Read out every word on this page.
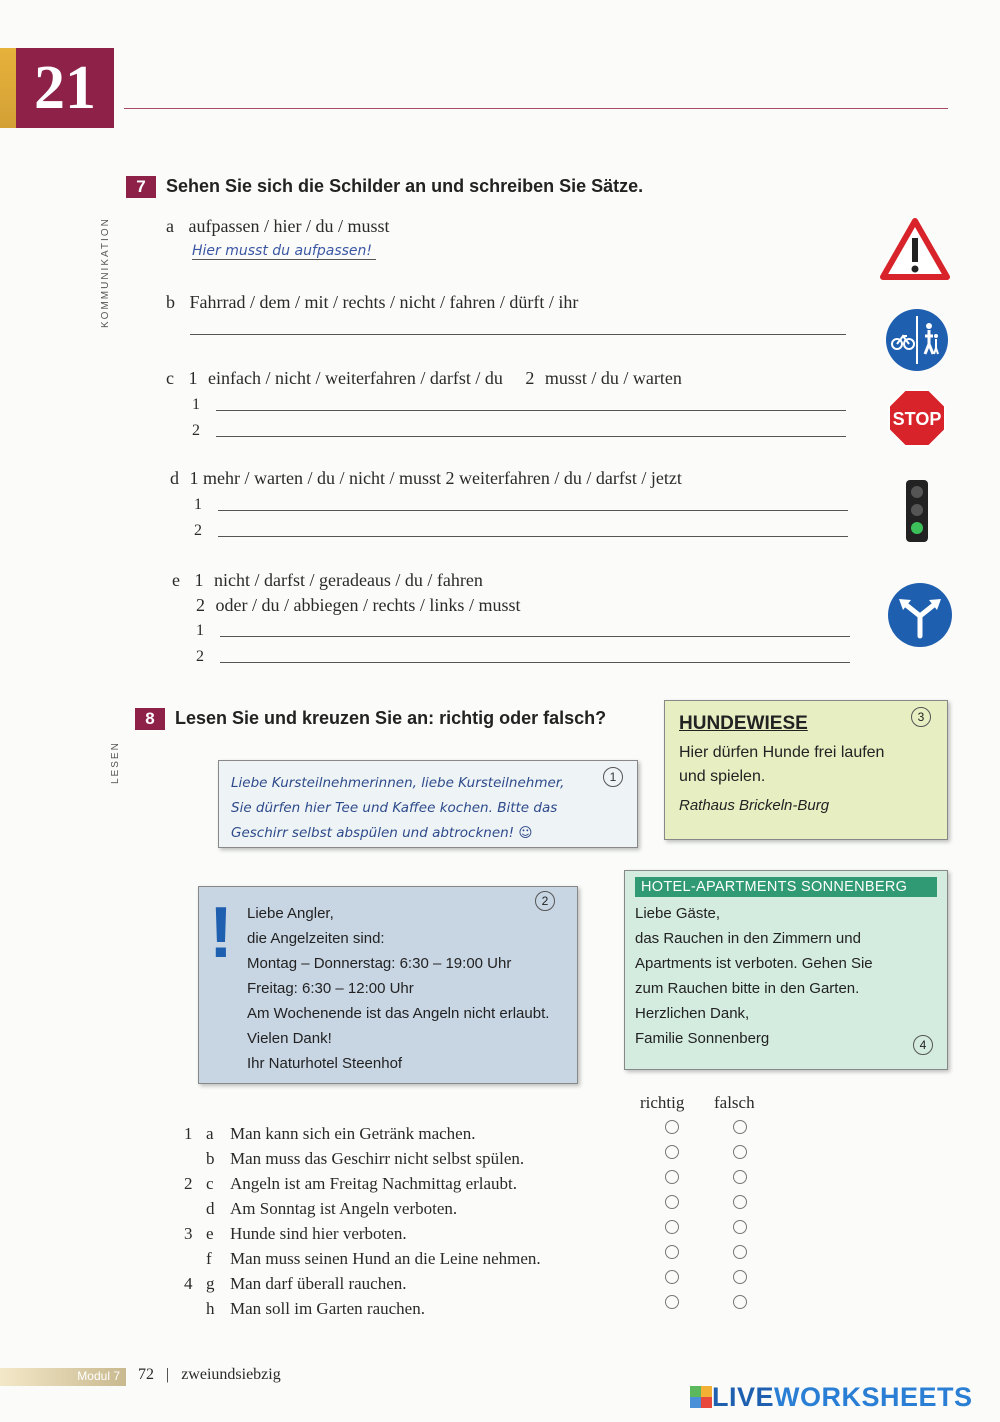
21
KOMMUNIKATION
LESEN
7 Sehen Sie sich die Schilder an und schreiben Sie Sätze.
a aufpassen / hier / du / musst
Hier musst du aufpassen!
b Fahrrad / dem / mit / rechts / nicht / fahren / dürft / ihr
c 1 einfach / nicht / weiterfahren / darfst / du 2 musst / du / warten
1
2
d 1 mehr / warten / du / nicht / musst 2 weiterfahren / du / darfst / jetzt
1
2
e 1 nicht / darfst / geradeaus / du / fahren
2 oder / du / abbiegen / rechts / links / musst
1
2
STOP
8 Lesen Sie und kreuzen Sie an: richtig oder falsch?
Liebe Kursteilnehmerinnen, liebe Kursteilnehmer,
Sie dürfen hier Tee und Kaffee kochen. Bitte das
Geschirr selbst abspülen und abtrocknen! ☺
1
! Liebe Angler,
die Angelzeiten sind:
Montag – Donnerstag: 6:30 – 19:00 Uhr
Freitag: 6:30 – 12:00 Uhr
Am Wochenende ist das Angeln nicht erlaubt.
Vielen Dank!
Ihr Naturhotel Steenhof
2
HUNDEWIESE
Hier dürfen Hunde frei laufen
und spielen.
Rathaus Brickeln-Burg
3
HOTEL-APARTMENTS SONNENBERG
Liebe Gäste,
das Rauchen in den Zimmern und
Apartments ist verboten. Gehen Sie
zum Rauchen bitte in den Garten.
Herzlichen Dank,
Familie Sonnenberg	4
richtig falsch
1 a Man kann sich ein Getränk machen.
b Man muss das Geschirr nicht selbst spülen.
2 c Angeln ist am Freitag Nachmittag erlaubt.
d Am Sonntag ist Angeln verboten.
3 e Hunde sind hier verboten.
f Man muss seinen Hund an die Leine nehmen.
4 g Man darf überall rauchen.
h Man soll im Garten rauchen.
Modul 7 72 | zweiundsiebzig
LIVEWORKSHEETS
